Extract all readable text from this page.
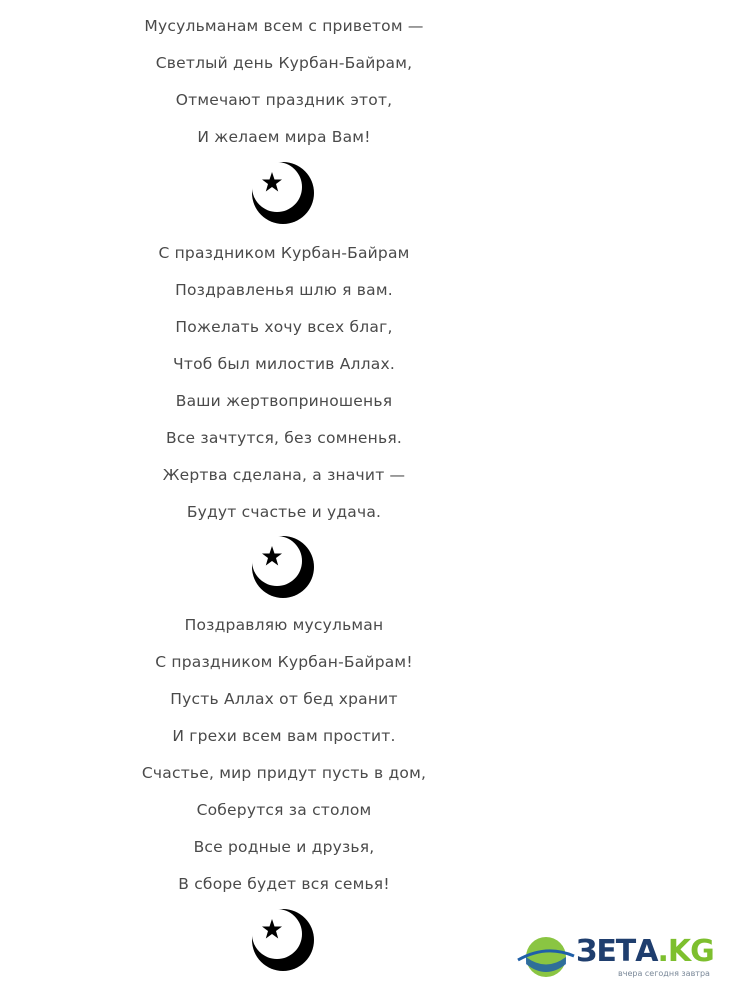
Мусульманам всем с приветом —
Светлый день Курбан-Байрам,
Отмечают праздник этот,
И желаем мира Вам!
С праздником Курбан-Байрам
Поздравленья шлю я вам.
Пожелать хочу всех благ,
Чтоб был милостив Аллах.
Ваши жертвоприношенья
Все зачтутся, без сомненья.
Жертва сделана, а значит —
Будут счастье и удача.
Поздравляю мусульман
С праздником Курбан-Байрам!
Пусть Аллах от бед хранит
И грехи всем вам простит.
Счастье, мир придут пусть в дом,
Соберутся за столом
Все родные и друзья,
В сборе будет вся семья!
ЗЕТА.KG
вчера сегодня завтра
